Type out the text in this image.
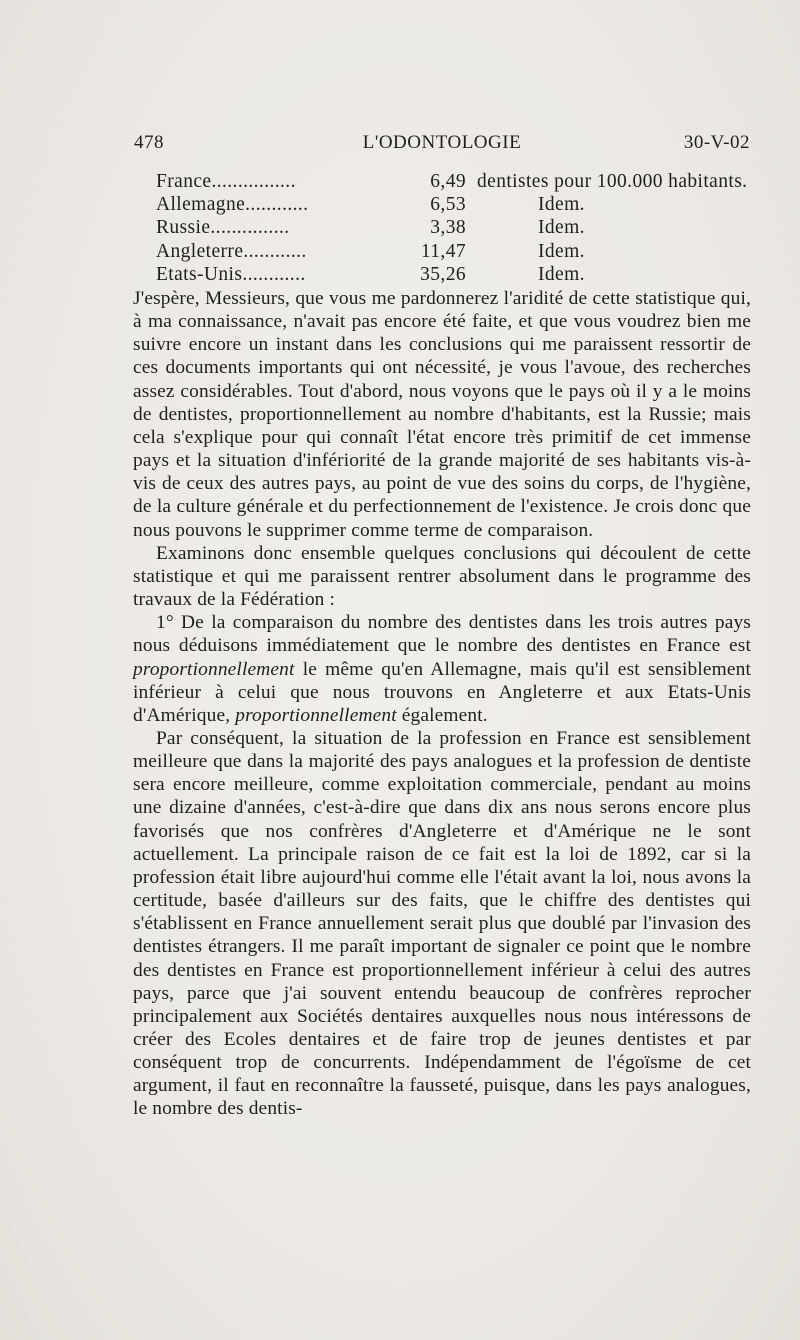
478	L'ODONTOLOGIE	30-V-02
France................	6,49 dentistes pour 100.000 habitants.
Allemagne............	6,53	Idem.
Russie...............	3,38	Idem.
Angleterre............	11,47	Idem.
Etats-Unis............	35,26	Idem.

J'espère, Messieurs, que vous me pardonnerez l'aridité de cette statistique qui, à ma connaissance, n'avait pas encore été faite, et que vous voudrez bien me suivre encore un instant dans les conclusions qui me paraissent ressortir de ces documents importants qui ont nécessité, je vous l'avoue, des recherches assez considérables. Tout d'abord, nous voyons que le pays où il y a le moins de dentistes, proportionnellement au nombre d'habitants, est la Russie; mais cela s'explique pour qui connaît l'état encore très primitif de cet immense pays et la situation d'infériorité de la grande majorité de ses habitants vis-à-vis de ceux des autres pays, au point de vue des soins du corps, de l'hygiène, de la culture générale et du perfectionnement de l'existence. Je crois donc que nous pouvons le supprimer comme terme de comparaison.

Examinons donc ensemble quelques conclusions qui découlent de cette statistique et qui me paraissent rentrer absolument dans le programme des travaux de la Fédération :

1° De la comparaison du nombre des dentistes dans les trois autres pays nous déduisons immédiatement que le nombre des dentistes en France est proportionnellement le même qu'en Allemagne, mais qu'il est sensiblement inférieur à celui que nous trouvons en Angleterre et aux Etats-Unis d'Amérique, proportionnellement également.

Par conséquent, la situation de la profession en France est sensiblement meilleure que dans la majorité des pays analogues et la profession de dentiste sera encore meilleure, comme exploitation commerciale, pendant au moins une dizaine d'années, c'est-à-dire que dans dix ans nous serons encore plus favorisés que nos confrères d'Angleterre et d'Amérique ne le sont actuellement. La principale raison de ce fait est la loi de 1892, car si la profession était libre aujourd'hui comme elle l'était avant la loi, nous avons la certitude, basée d'ailleurs sur des faits, que le chiffre des dentistes qui s'établissent en France annuellement serait plus que doublé par l'invasion des dentistes étrangers. Il me paraît important de signaler ce point que le nombre des dentistes en France est proportionnellement inférieur à celui des autres pays, parce que j'ai souvent entendu beaucoup de confrères reprocher principalement aux Sociétés dentaires auxquelles nous nous intéressons de créer des Ecoles dentaires et de faire trop de jeunes dentistes et par conséquent trop de concurrents. Indépendamment de l'égoïsme de cet argument, il faut en reconnaître la fausseté, puisque, dans les pays analogues, le nombre des dentis-
